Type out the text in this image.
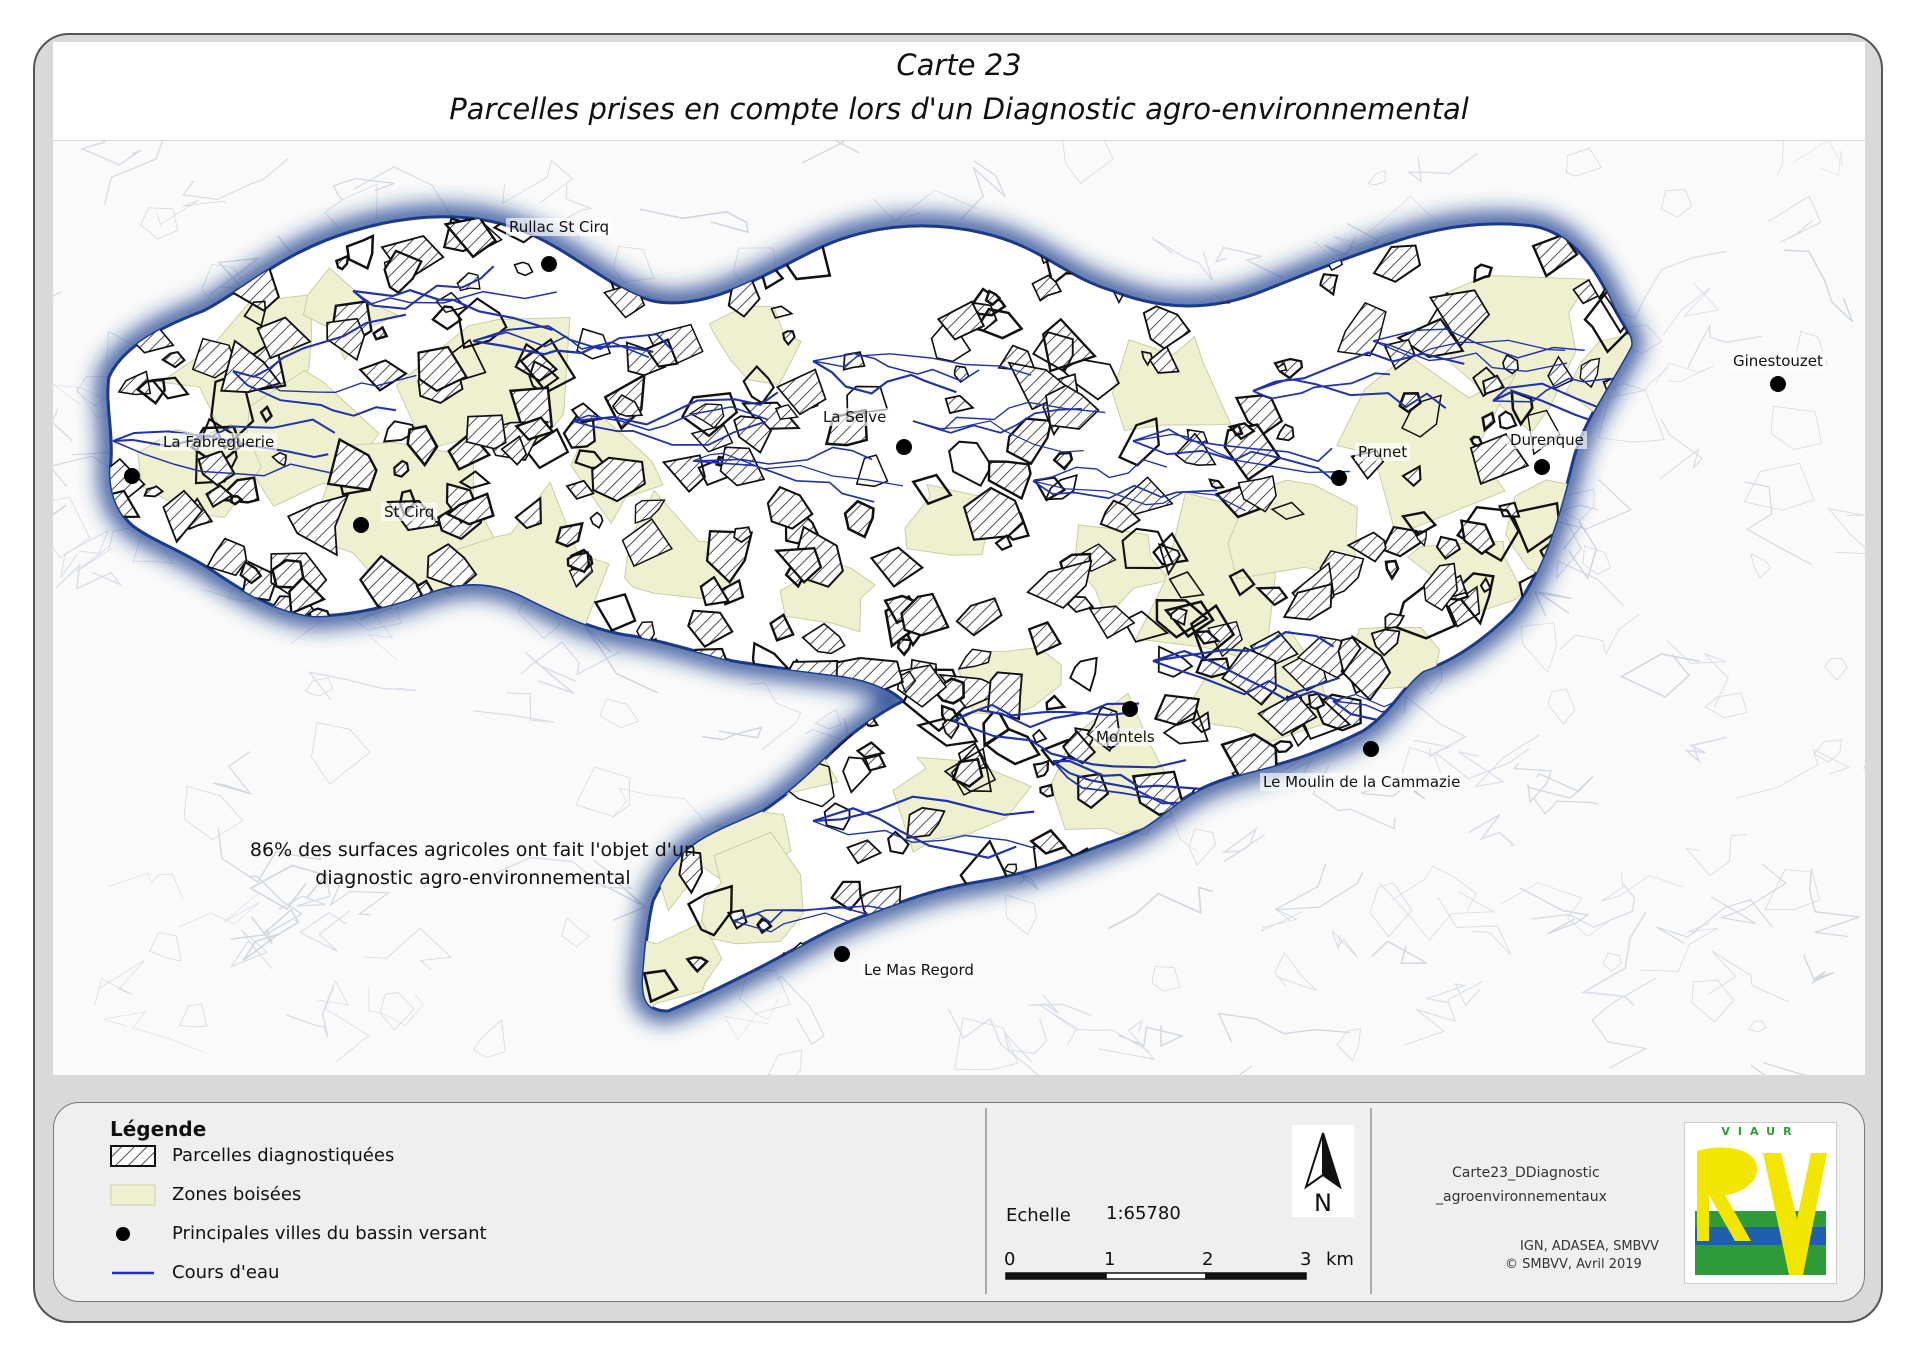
Carte 23
Parcelles prises en compte lors d'un Diagnostic agro-environnemental
Rullac St Cirq
La Fabreguerie
St Cirq
La Selve
Ginestouzet
Prunet
Durenque
Montels
Le Moulin de la Cammazie
Le Mas Regord
86% des surfaces agricoles ont fait l'objet d'un
diagnostic agro-environnemental
Légende
Parcelles diagnostiquées
Zones boisées
Principales villes du bassin versant
Cours d'eau
N
Echelle 1:65780
0	1	2	3 km
Carte23_DDiagnostic
_agroenvironnementaux
IGN, ADASEA, SMBVV
© SMBVV, Avril 2019
VIAUR
